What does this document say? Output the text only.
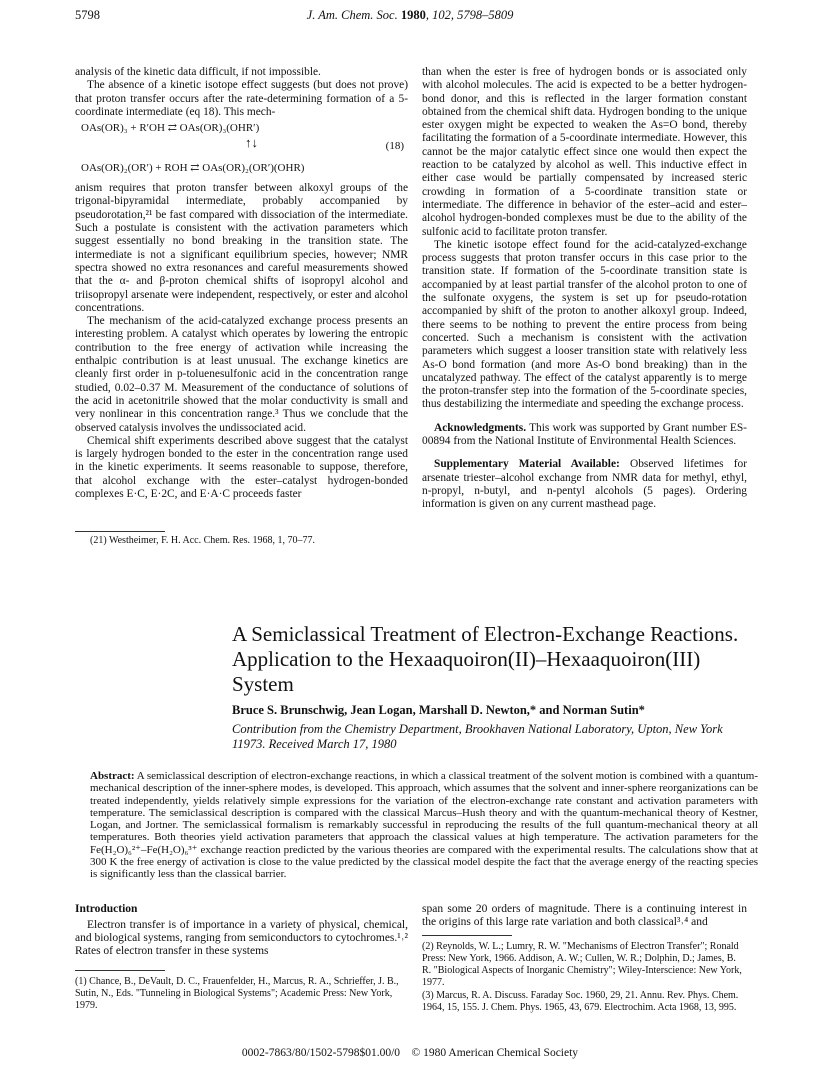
5798	J. Am. Chem. Soc. 1980, 102, 5798–5809

analysis of the kinetic data difficult, if not impossible.

The absence of a kinetic isotope effect suggests (but does not prove) that proton transfer occurs after the rate-determining formation of a 5-coordinate intermediate (eq 18). This mech-

OAs(OR)₃ + R′OH ⇄ OAs(OR)₃(OHR′)
↑↓	(18)
OAs(OR)₂(OR′) + ROH ⇄ OAs(OR)₂(OR′)(OHR)

anism requires that proton transfer between alkoxyl groups of the trigonal-bipyramidal intermediate, probably accompanied by pseudorotation,²¹ be fast compared with dissociation of the intermediate. Such a postulate is consistent with the activation parameters which suggest essentially no bond breaking in the transition state. The intermediate is not a significant equilibrium species, however; NMR spectra showed no extra resonances and careful measurements showed that the α- and β-proton chemical shifts of isopropyl alcohol and triisopropyl arsenate were independent, respectively, or ester and alcohol concentrations.

The mechanism of the acid-catalyzed exchange process presents an interesting problem. A catalyst which operates by lowering the entropic contribution to the free energy of activation while increasing the enthalpic contribution is at least unusual. The exchange kinetics are cleanly first order in p-toluenesulfonic acid in the concentration range studied, 0.02–0.37 M. Measurement of the conductance of solutions of the acid in acetonitrile showed that the molar conductivity is small and very nonlinear in this concentration range.³ Thus we conclude that the observed catalysis involves the undissociated acid.

Chemical shift experiments described above suggest that the catalyst is largely hydrogen bonded to the ester in the concentration range used in the kinetic experiments. It seems reasonable to suppose, therefore, that alcohol exchange with the ester–catalyst hydrogen-bonded complexes E·C, E·2C, and E·A·C proceeds faster

(21) Westheimer, F. H. Acc. Chem. Res. 1968, 1, 70–77.

than when the ester is free of hydrogen bonds or is associated only with alcohol molecules. The acid is expected to be a better hydrogen-bond donor, and this is reflected in the larger formation constant obtained from the chemical shift data. Hydrogen bonding to the unique ester oxygen might be expected to weaken the As=O bond, thereby facilitating the formation of a 5-coordinate intermediate. However, this cannot be the major catalytic effect since one would then expect the reaction to be catalyzed by alcohol as well. This inductive effect in either case would be partially compensated by increased steric crowding in formation of a 5-coordinate transition state or intermediate. The difference in behavior of the ester–acid and ester–alcohol hydrogen-bonded complexes must be due to the ability of the sulfonic acid to facilitate proton transfer.

The kinetic isotope effect found for the acid-catalyzed-exchange process suggests that proton transfer occurs in this case prior to the transition state. If formation of the 5-coordinate transition state is accompanied by at least partial transfer of the alcohol proton to one of the sulfonate oxygens, the system is set up for pseudo-rotation accompanied by shift of the proton to another alkoxyl group. Indeed, there seems to be nothing to prevent the entire process from being concerted. Such a mechanism is consistent with the activation parameters which suggest a looser transition state with relatively less As-O bond formation (and more As-O bond breaking) than in the uncatalyzed pathway. The effect of the catalyst apparently is to merge the proton-transfer step into the formation of the 5-coordinate species, thus destabilizing the intermediate and speeding the exchange process.

Acknowledgments. This work was supported by Grant number ES-00894 from the National Institute of Environmental Health Sciences.

Supplementary Material Available: Observed lifetimes for arsenate triester–alcohol exchange from NMR data for methyl, ethyl, n-propyl, n-butyl, and n-pentyl alcohols (5 pages). Ordering information is given on any current masthead page.

A Semiclassical Treatment of Electron-Exchange Reactions. Application to the Hexaaquoiron(II)–Hexaaquoiron(III) System
Bruce S. Brunschwig, Jean Logan, Marshall D. Newton,* and Norman Sutin*
Contribution from the Chemistry Department, Brookhaven National Laboratory, Upton, New York 11973. Received March 17, 1980
Abstract: A semiclassical description of electron-exchange reactions, in which a classical treatment of the solvent motion is combined with a quantum-mechanical description of the inner-sphere modes, is developed. This approach, which assumes that the solvent and inner-sphere reorganizations can be treated independently, yields relatively simple expressions for the variation of the electron-exchange rate constant and activation parameters with temperature. The semiclassical description is compared with the classical Marcus–Hush theory and with the quantum-mechanical theory of Kestner, Logan, and Jortner. The semiclassical formalism is remarkably successful in reproducing the results of the full quantum-mechanical theory at all temperatures. Both theories yield activation parameters that approach the classical values at high temperature. The activation parameters for the Fe(H₂O)₆²⁺–Fe(H₂O)₆³⁺ exchange reaction predicted by the various theories are compared with the experimental results. The calculations show that at 300 K the free energy of activation is close to the value predicted by the classical model despite the fact that the average energy of the reacting species is significantly less than the classical barrier.
Introduction

Electron transfer is of importance in a variety of physical, chemical, and biological systems, ranging from semiconductors to cytochromes.¹˒² Rates of electron transfer in these systems

span some 20 orders of magnitude. There is a continuing interest in the origins of this large rate variation and both classical³˒⁴ and

(1) Chance, B., DeVault, D. C., Frauenfelder, H., Marcus, R. A., Schrieffer, J. B., Sutin, N., Eds. "Tunneling in Biological Systems"; Academic Press: New York, 1979.
(2) Reynolds, W. L.; Lumry, R. W. "Mechanisms of Electron Transfer"; Ronald Press: New York, 1966. Addison, A. W.; Cullen, W. R.; Dolphin, D.; James, B. R. "Biological Aspects of Inorganic Chemistry"; Wiley-Interscience: New York, 1977.
(3) Marcus, R. A. Discuss. Faraday Soc. 1960, 29, 21. Annu. Rev. Phys. Chem. 1964, 15, 155. J. Chem. Phys. 1965, 43, 679. Electrochim. Acta 1968, 13, 995.
0002-7863/80/1502-5798$01.00/0 © 1980 American Chemical Society
